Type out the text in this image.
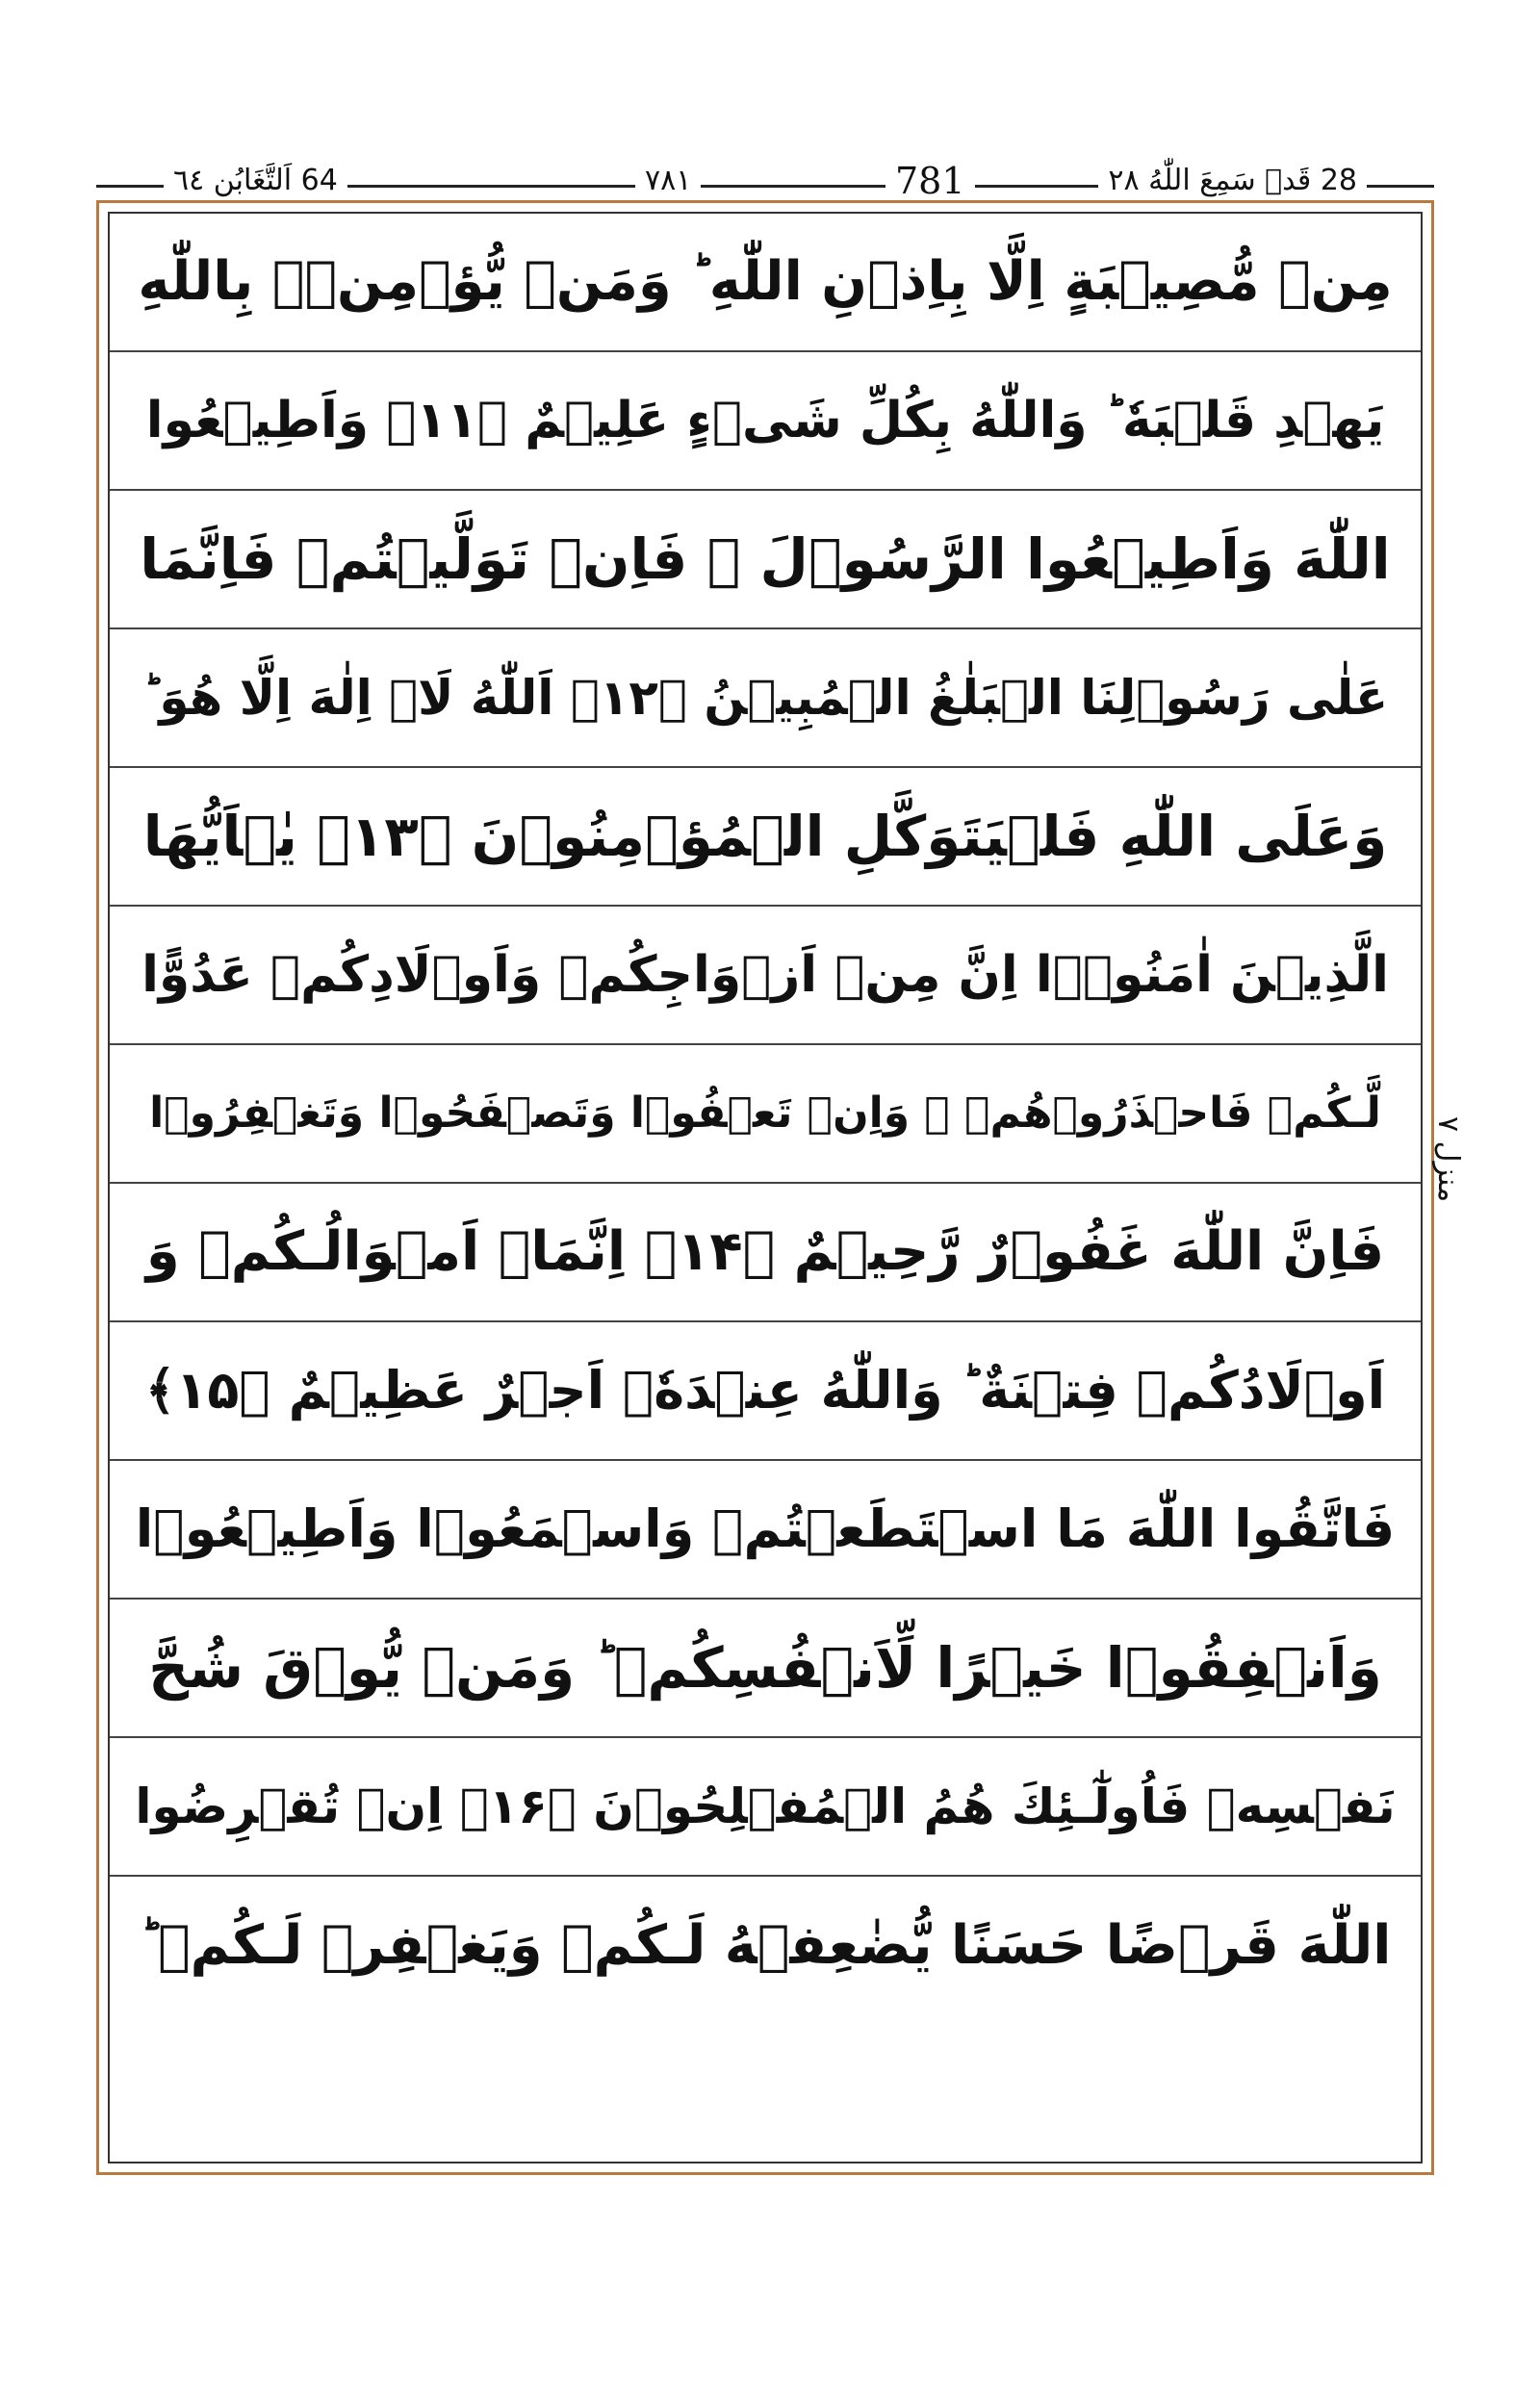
28 قَدۡ سَمِعَ اللّٰهُ ٢٨
٧٨١	781
64 اَلتَّغَابُن ٦٤
مِنۡ مُّصِيۡبَةٍ اِلَّا بِاِذۡنِ اللّٰهِ ؕ وَمَنۡ يُّؤۡمِنۡۢ بِاللّٰهِ
يَهۡدِ قَلۡبَهٗ ؕ وَاللّٰهُ بِكُلِّ شَىۡءٍ عَلِيۡمٌ ﴿۱۱﴾ وَاَطِيۡعُوا
اللّٰهَ وَاَطِيۡعُوا الرَّسُوۡلَ ۚ فَاِنۡ تَوَلَّيۡتُمۡ فَاِنَّمَا
عَلٰى رَسُوۡلِنَا الۡبَلٰغُ الۡمُبِيۡنُ ﴿۱۲﴾ اَللّٰهُ لَاۤ اِلٰهَ اِلَّا هُوَ ؕ
وَعَلَى اللّٰهِ فَلۡيَتَوَكَّلِ الۡمُؤۡمِنُوۡنَ ﴿۱۳﴾ يٰۤاَيُّهَا
الَّذِيۡنَ اٰمَنُوۡۤا اِنَّ مِنۡ اَزۡوَاجِكُمۡ وَاَوۡلَادِكُمۡ عَدُوًّا
لَّـكُمۡ فَاحۡذَرُوۡهُمۡ ۚ وَاِنۡ تَعۡفُوۡا وَتَصۡفَحُوۡا وَتَغۡفِرُوۡا
فَاِنَّ اللّٰهَ غَفُوۡرٌ رَّحِيۡمٌ ﴿۱۴﴾ اِنَّمَاۤ اَمۡوَالُـكُمۡ وَ
اَوۡلَادُكُمۡ فِتۡنَةٌ ؕ وَاللّٰهُ عِنۡدَهٗۤ اَجۡرٌ عَظِيۡمٌ ﴿۱۵﴾
فَاتَّقُوا اللّٰهَ مَا اسۡتَطَعۡتُمۡ وَاسۡمَعُوۡا وَاَطِيۡعُوۡا
وَاَنۡفِقُوۡا خَيۡرًا لِّاَنۡفُسِكُمۡ ؕ وَمَنۡ يُّوۡقَ شُحَّ
نَفۡسِهٖ فَاُولٰٓـئِكَ هُمُ الۡمُفۡلِحُوۡنَ ﴿۱۶﴾ اِنۡ تُقۡرِضُوا
اللّٰهَ قَرۡضًا حَسَنًا يُّضٰعِفۡهُ لَـكُمۡ وَيَغۡفِرۡ لَـكُمۡ ؕ
منزل ٧
